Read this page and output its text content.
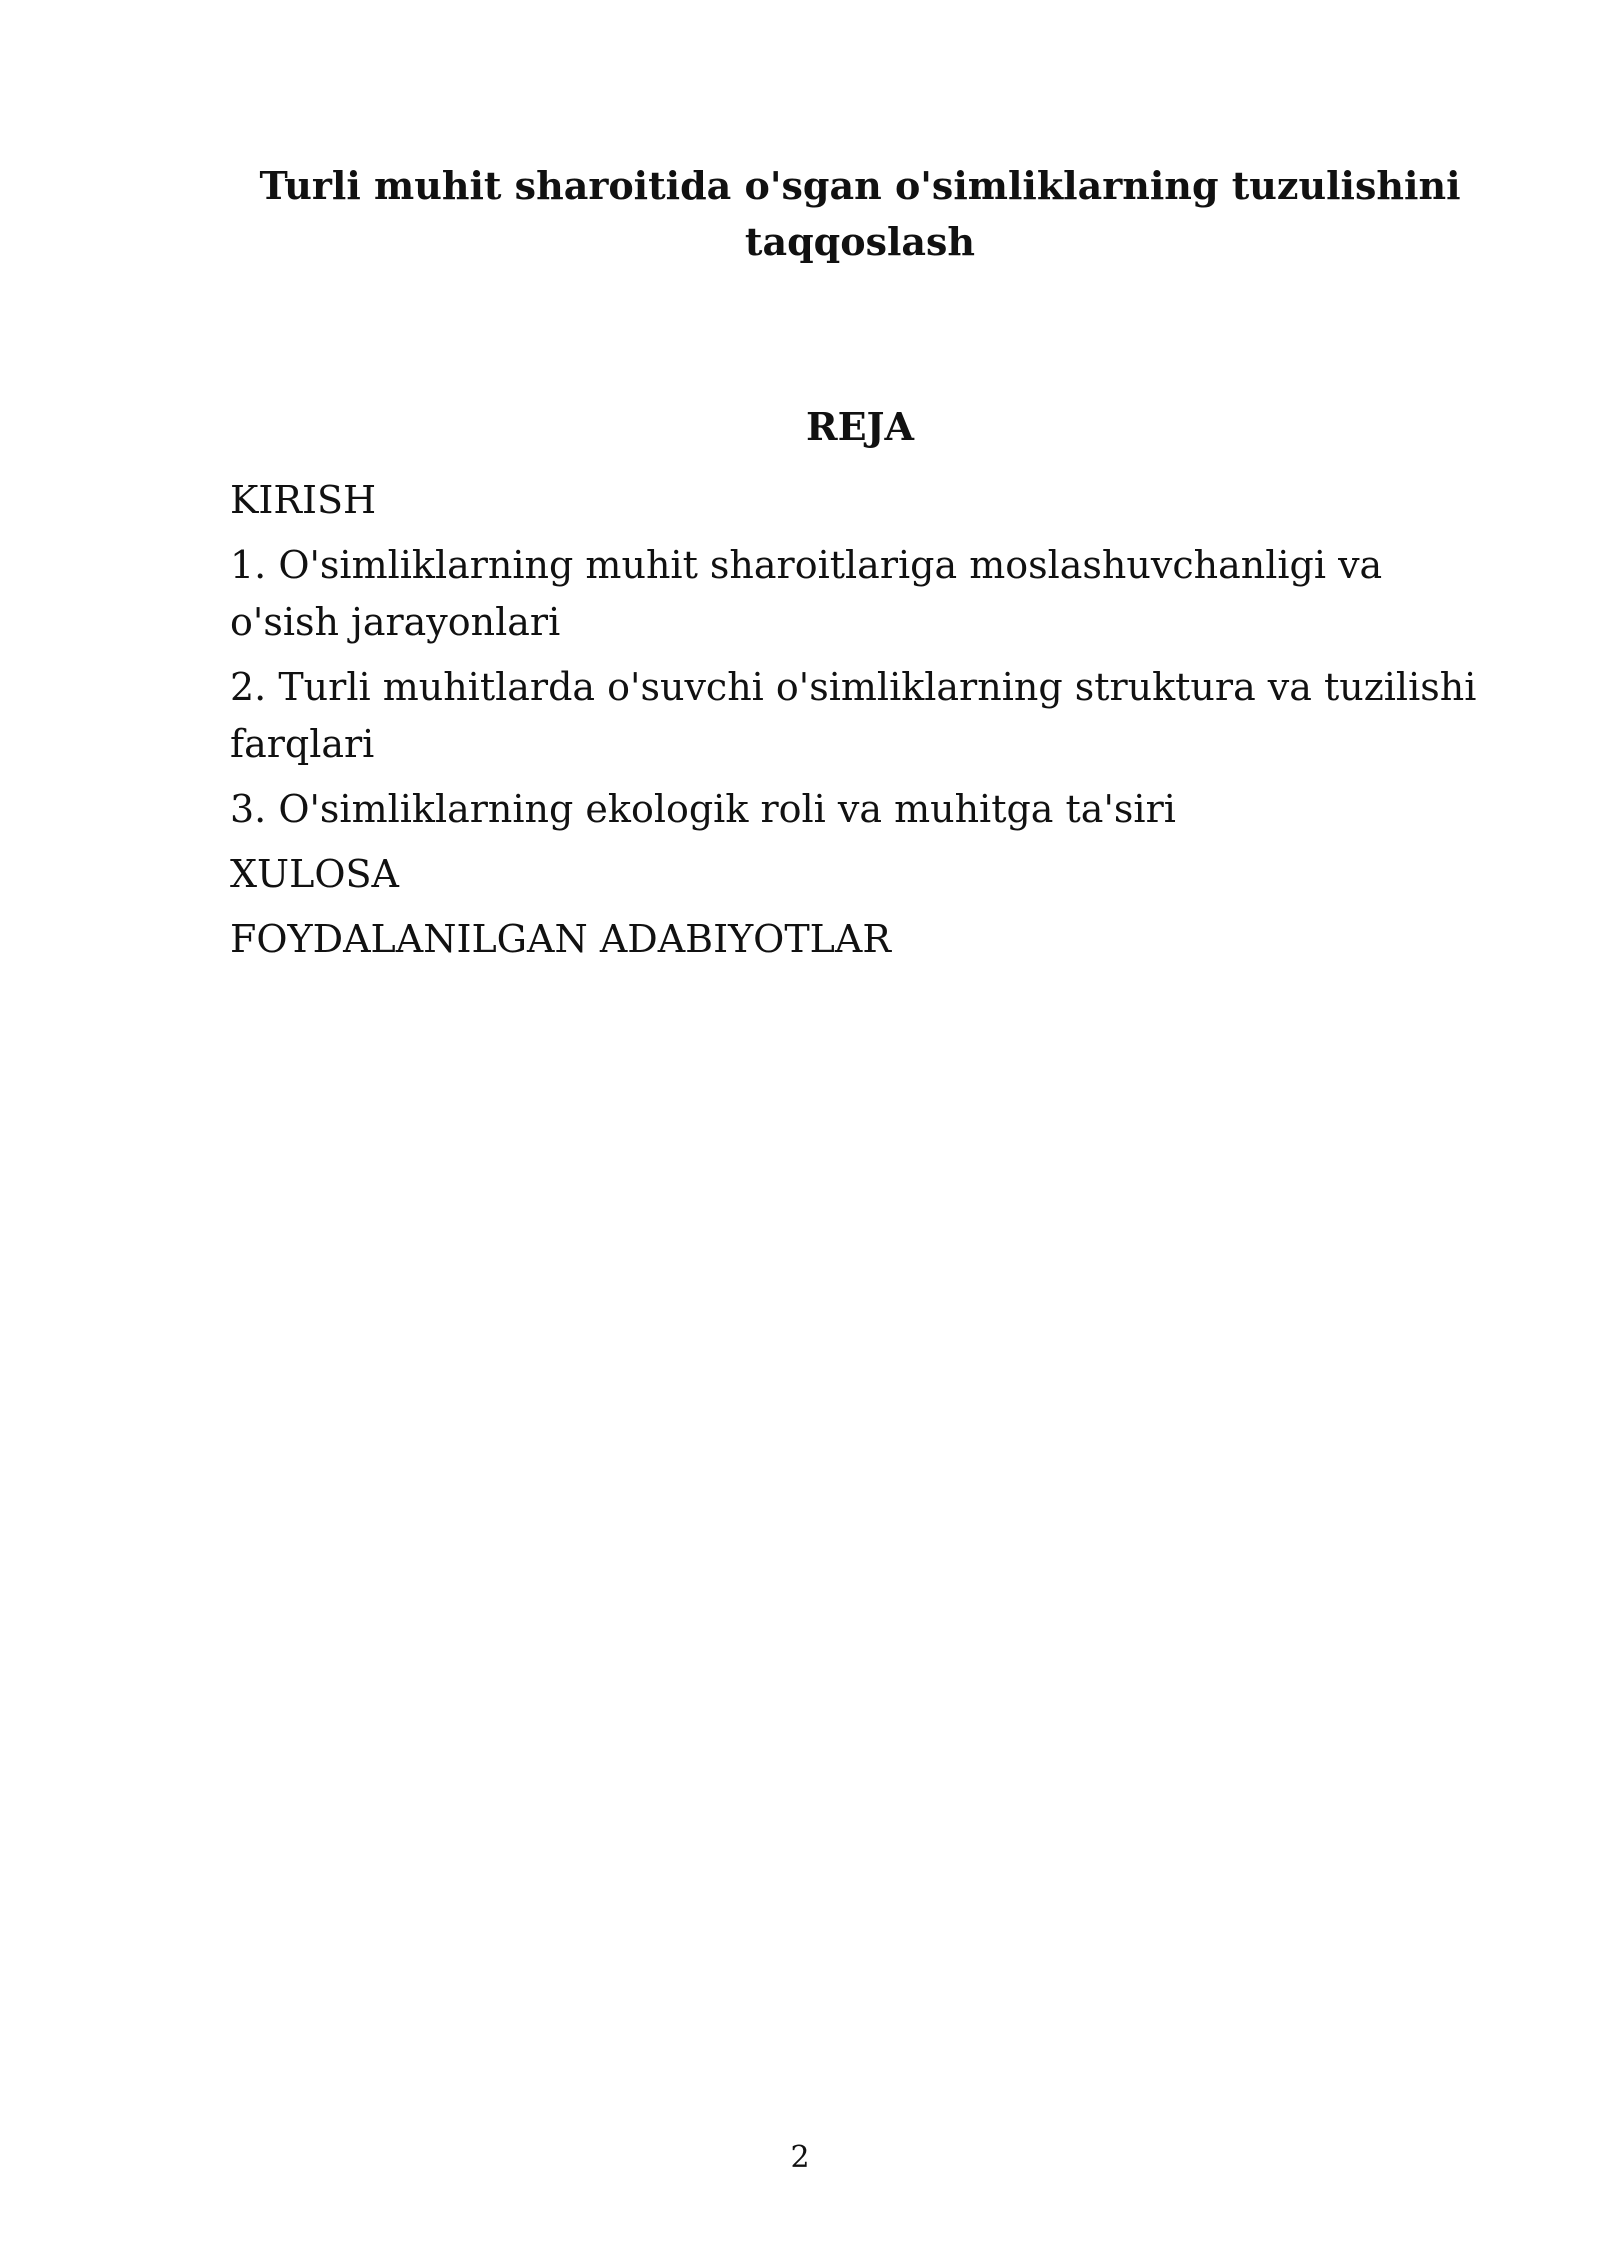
Turli muhit sharoitida o'sgan o'simliklarning tuzulishini taqqoslash
REJA
KIRISH
1. O'simliklarning muhit sharoitlariga moslashuvchanligi va o'sish jarayonlari
2. Turli muhitlarda o'suvchi o'simliklarning struktura va tuzilishi farqlari
3. O'simliklarning ekologik roli va muhitga ta'siri
XULOSA
FOYDALANILGAN ADABIYOTLAR
2
